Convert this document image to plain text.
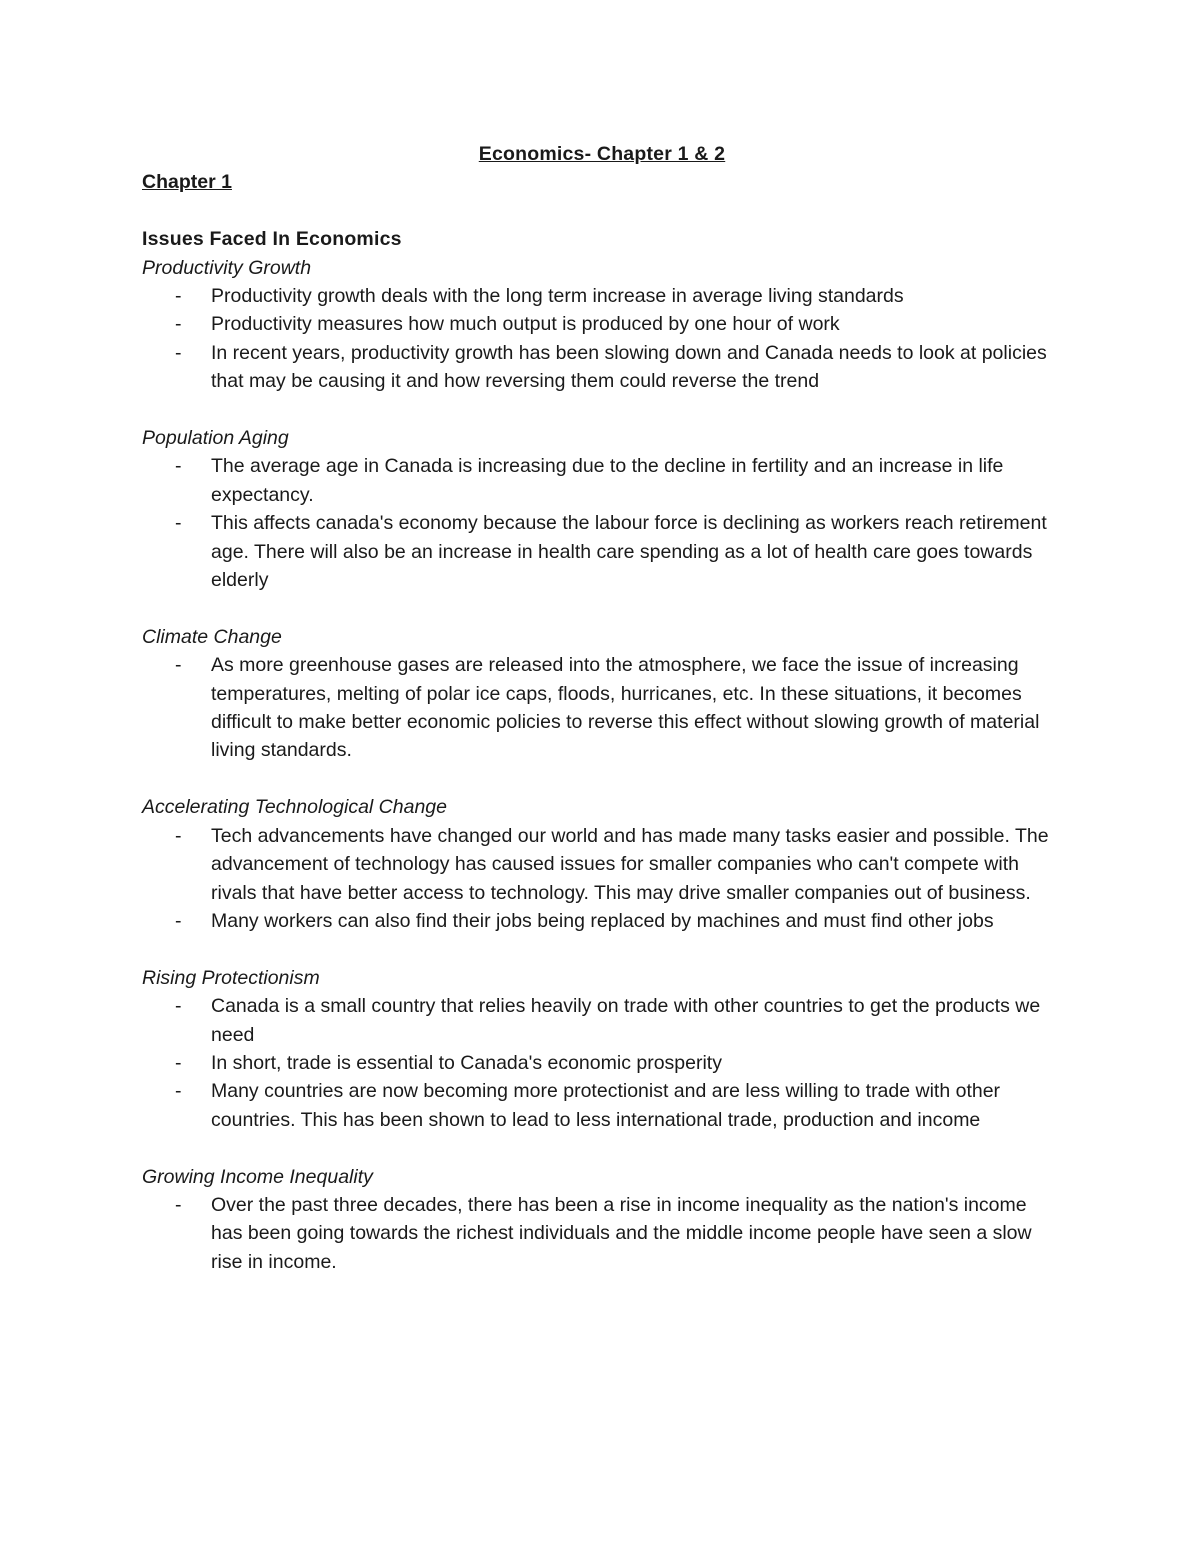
Economics- Chapter 1 & 2

Chapter 1

Issues Faced In Economics

Productivity Growth

- Productivity growth deals with the long term increase in average living standards
- Productivity measures how much output is produced by one hour of work
- In recent years, productivity growth has been slowing down and Canada needs to look at policies that may be causing it and how reversing them could reverse the trend

Population Aging

- The average age in Canada is increasing due to the decline in fertility and an increase in life expectancy.
- This affects canada's economy because the labour force is declining as workers reach retirement age. There will also be an increase in health care spending as a lot of health care goes towards elderly

Climate Change

- As more greenhouse gases are released into the atmosphere, we face the issue of increasing temperatures, melting of polar ice caps, floods, hurricanes, etc. In these situations, it becomes difficult to make better economic policies to reverse this effect without slowing growth of material living standards.

Accelerating Technological Change

- Tech advancements have changed our world and has made many tasks easier and possible. The advancement of technology has caused issues for smaller companies who can't compete with rivals that have better access to technology. This may drive smaller companies out of business.
- Many workers can also find their jobs being replaced by machines and must find other jobs

Rising Protectionism

- Canada is a small country that relies heavily on trade with other countries to get the products we need
- In short, trade is essential to Canada's economic prosperity
- Many countries are now becoming more protectionist and are less willing to trade with other countries. This has been shown to lead to less international trade, production and income

Growing Income Inequality

- Over the past three decades, there has been a rise in income inequality as the nation's income has been going towards the richest individuals and the middle income people have seen a slow rise in income.
